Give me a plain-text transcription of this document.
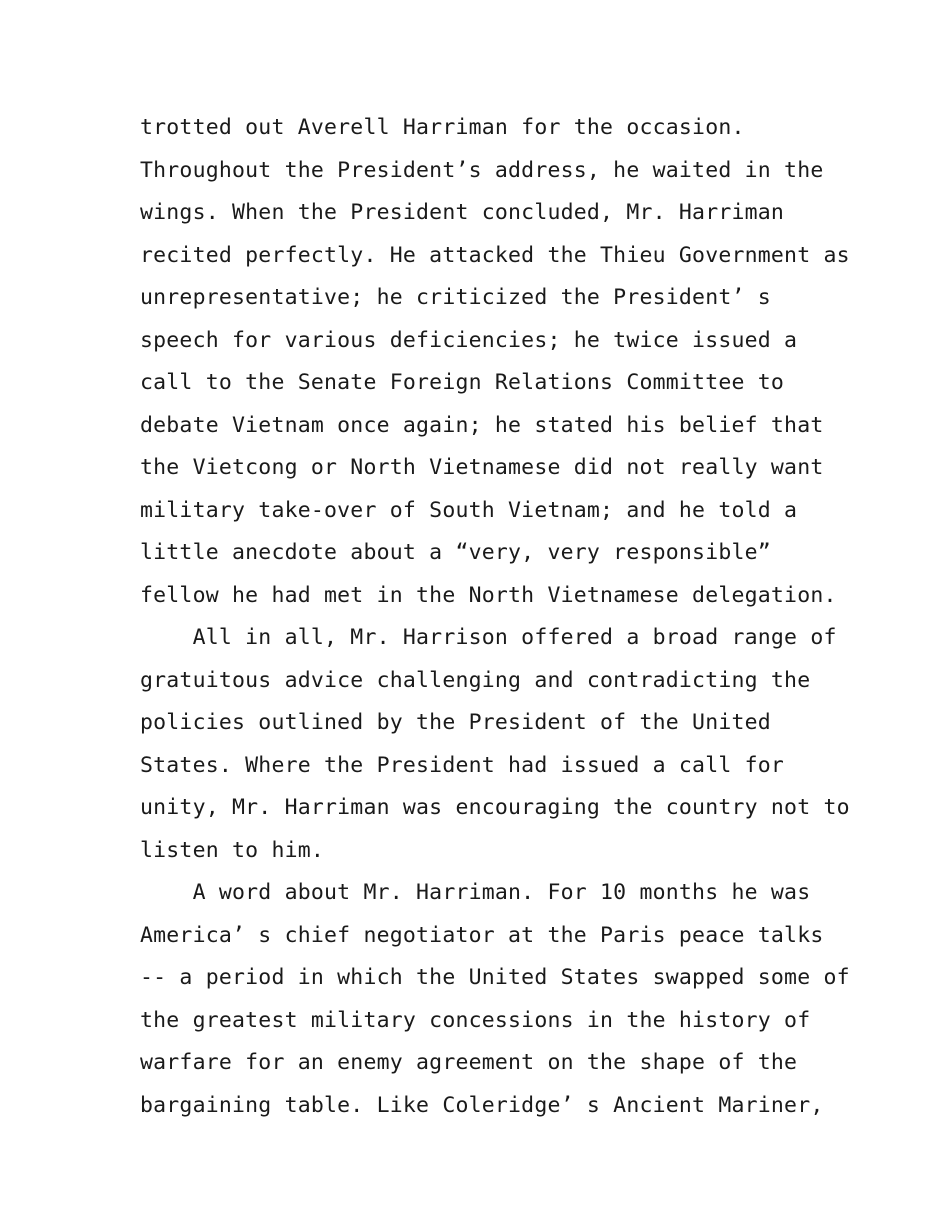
trotted out Averell Harriman for the occasion.
Throughout the President’s address, he waited in the
wings. When the President concluded, Mr. Harriman
recited perfectly. He attacked the Thieu Government as
unrepresentative; he criticized the President’ s
speech for various deficiencies; he twice issued a
call to the Senate Foreign Relations Committee to
debate Vietnam once again; he stated his belief that
the Vietcong or North Vietnamese did not really want
military take-over of South Vietnam; and he told a
little anecdote about a “very, very responsible”
fellow he had met in the North Vietnamese delegation.
All in all, Mr. Harrison offered a broad range of
gratuitous advice challenging and contradicting the
policies outlined by the President of the United
States. Where the President had issued a call for
unity, Mr. Harriman was encouraging the country not to
listen to him.
A word about Mr. Harriman. For 10 months he was
America’ s chief negotiator at the Paris peace talks
-- a period in which the United States swapped some of
the greatest military concessions in the history of
warfare for an enemy agreement on the shape of the
bargaining table. Like Coleridge’ s Ancient Mariner,
